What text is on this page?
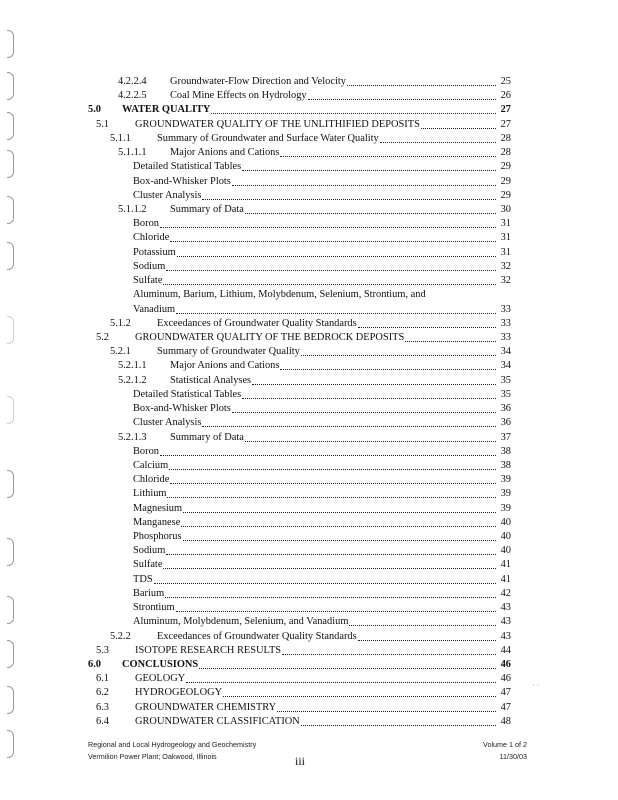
4.2.2.4	Groundwater-Flow Direction and Velocity	25
4.2.2.5	Coal Mine Effects on Hydrology	26
5.0	WATER QUALITY	27
5.1	GROUNDWATER QUALITY OF THE UNLITHIFIED DEPOSITS	27
5.1.1	Summary of Groundwater and Surface Water Quality	28
5.1.1.1	Major Anions and Cations	28
Detailed Statistical Tables	29
Box-and-Whisker Plots	29
Cluster Analysis	29
5.1.1.2	Summary of Data	30
Boron	31
Chloride	31
Potassium	31
Sodium	32
Sulfate	32
Aluminum, Barium, Lithium, Molybdenum, Selenium, Strontium, and
Vanadium	33
5.1.2	Exceedances of Groundwater Quality Standards	33
5.2	GROUNDWATER QUALITY OF THE BEDROCK DEPOSITS	33
5.2.1	Summary of Groundwater Quality	34
5.2.1.1	Major Anions and Cations	34
5.2.1.2	Statistical Analyses	35
Detailed Statistical Tables	35
Box-and-Whisker Plots	36
Cluster Analysis	36
5.2.1.3	Summary of Data	37
Boron	38
Calcium	38
Chloride	39
Lithium	39
Magnesium	39
Manganese	40
Phosphorus	40
Sodium	40
Sulfate	41
TDS	41
Barium	42
Strontium	43
Aluminum, Molybdenum, Selenium, and Vanadium	43
5.2.2	Exceedances of Groundwater Quality Standards	43
5.3	ISOTOPE RESEARCH RESULTS	44
6.0	CONCLUSIONS	46
6.1	GEOLOGY	46
6.2	HYDROGEOLOGY	47
6.3	GROUNDWATER CHEMISTRY	47
6.4	GROUNDWATER CLASSIFICATION	48
· ·
Regional and Local Hydrogeology and Geochemistry
Vermilion Power Plant; Oakwood, Illinois	iii
Volume 1 of 2
11/30/03
